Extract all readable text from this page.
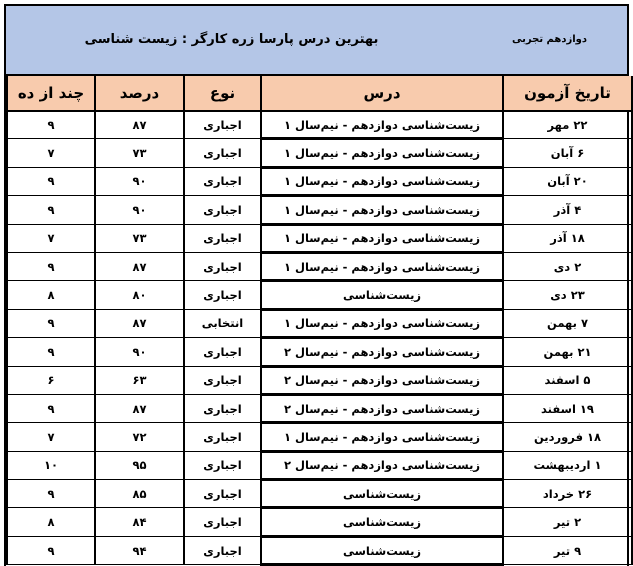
بهترین درس پارسا زره کارگر : زیست شناسی	دوازدهم تجربی
تاریخ آزمون	درس	نوع	درصد	چند از ده
۲۲ مهر	زیست‌شناسی دوازدهم - نیم‌سال ۱	اجباری	۸۷	۹
۶ آبان	زیست‌شناسی دوازدهم - نیم‌سال ۱	اجباری	۷۳	۷
۲۰ آبان	زیست‌شناسی دوازدهم - نیم‌سال ۱	اجباری	۹۰	۹
۴ آذر	زیست‌شناسی دوازدهم - نیم‌سال ۱	اجباری	۹۰	۹
۱۸ آذر	زیست‌شناسی دوازدهم - نیم‌سال ۱	اجباری	۷۳	۷
۲ دی	زیست‌شناسی دوازدهم - نیم‌سال ۱	اجباری	۸۷	۹
۲۳ دی	زیست‌شناسی	اجباری	۸۰	۸
۷ بهمن	زیست‌شناسی دوازدهم - نیم‌سال ۱	انتخابی	۸۷	۹
۲۱ بهمن	زیست‌شناسی دوازدهم - نیم‌سال ۲	اجباری	۹۰	۹
۵ اسفند	زیست‌شناسی دوازدهم - نیم‌سال ۲	اجباری	۶۳	۶
۱۹ اسفند	زیست‌شناسی دوازدهم - نیم‌سال ۲	اجباری	۸۷	۹
۱۸ فروردین	زیست‌شناسی دوازدهم - نیم‌سال ۱	اجباری	۷۲	۷
۱ اردیبهشت	زیست‌شناسی دوازدهم - نیم‌سال ۲	اجباری	۹۵	۱۰
۲۶ خرداد	زیست‌شناسی	اجباری	۸۵	۹
۲ تیر	زیست‌شناسی	اجباری	۸۴	۸
۹ تیر	زیست‌شناسی	اجباری	۹۴	۹
